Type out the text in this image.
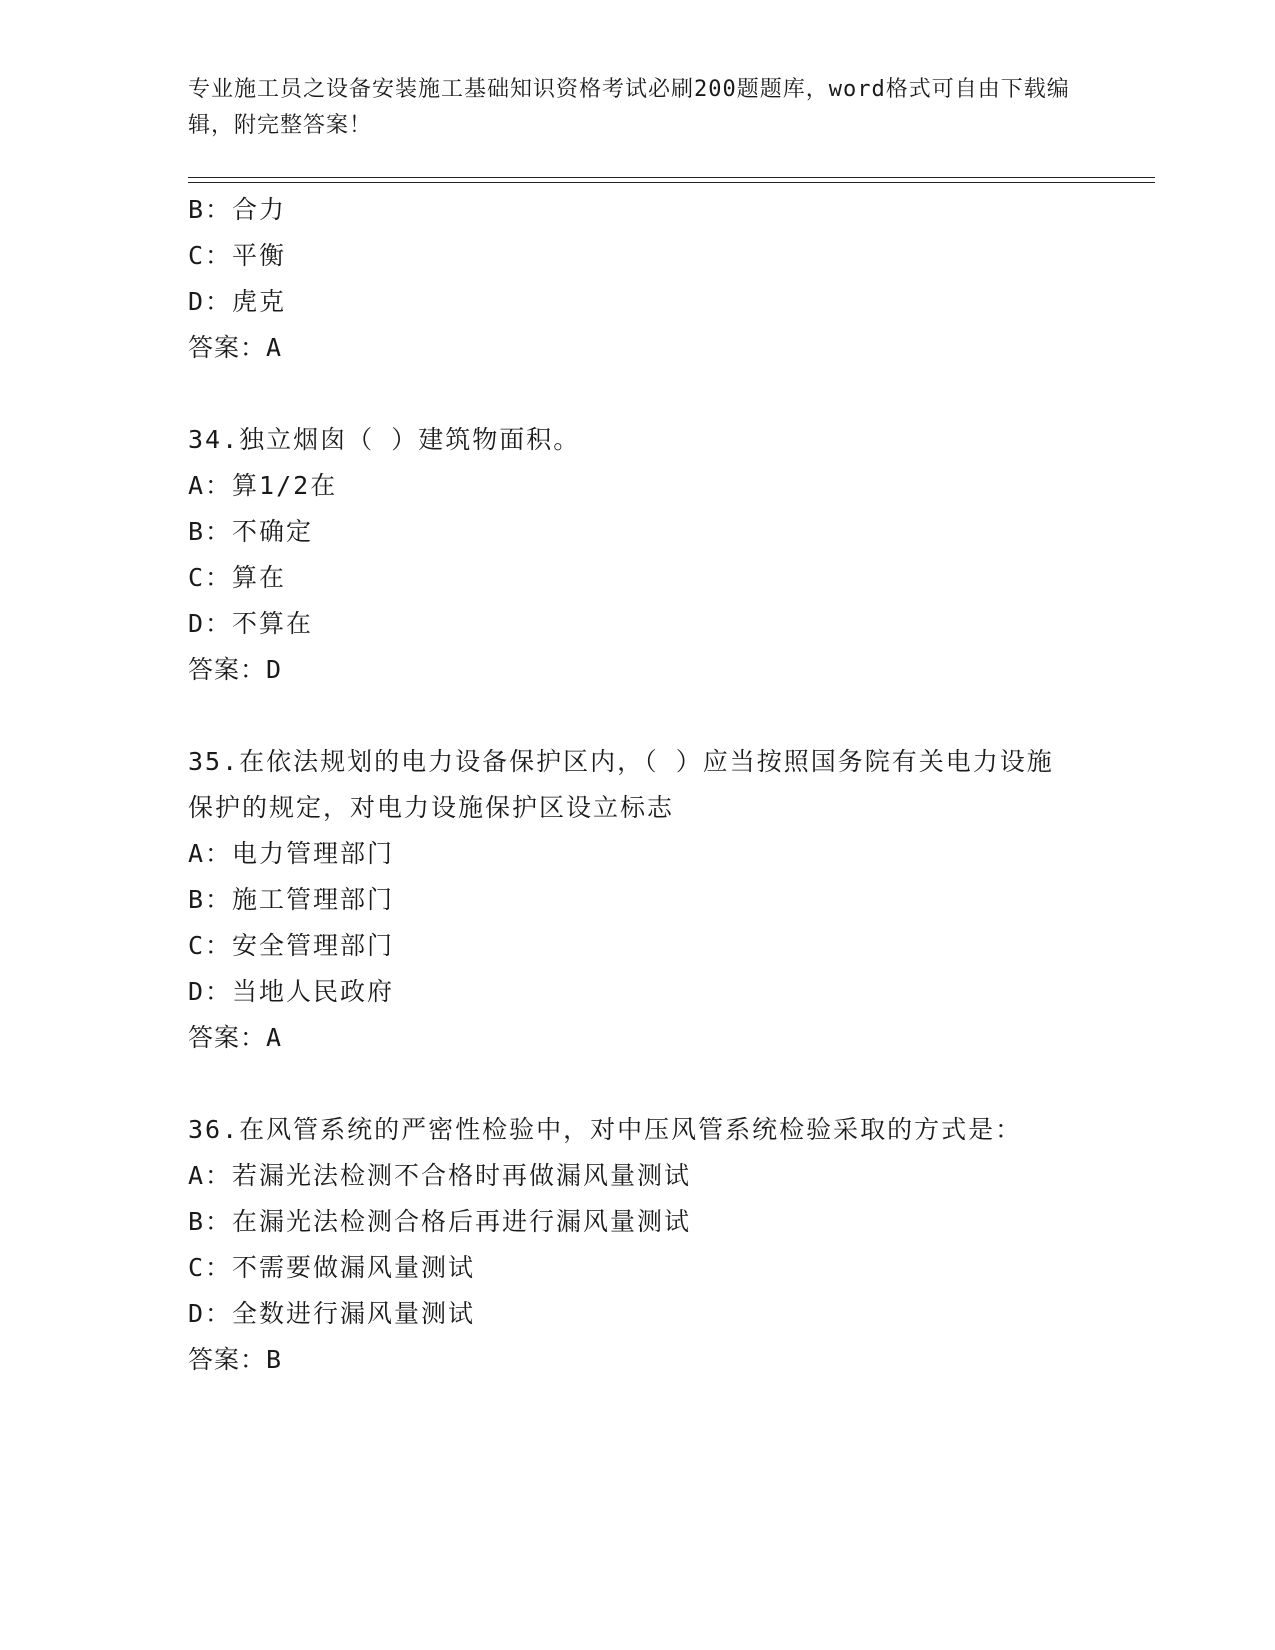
专业施工员之设备安装施工基础知识资格考试必刷200题题库，word格式可自由下载编辑，附完整答案！
B：合力
C：平衡
D：虎克
答案：A
34.独立烟囱（ ）建筑物面积。
A：算1/2在
B：不确定
C：算在
D：不算在
答案：D
35.在依法规划的电力设备保护区内，（ ）应当按照国务院有关电力设施保护的规定，对电力设施保护区设立标志
A：电力管理部门
B：施工管理部门
C：安全管理部门
D：当地人民政府
答案：A
36.在风管系统的严密性检验中，对中压风管系统检验采取的方式是：
A：若漏光法检测不合格时再做漏风量测试
B：在漏光法检测合格后再进行漏风量测试
C：不需要做漏风量测试
D：全数进行漏风量测试
答案：B
